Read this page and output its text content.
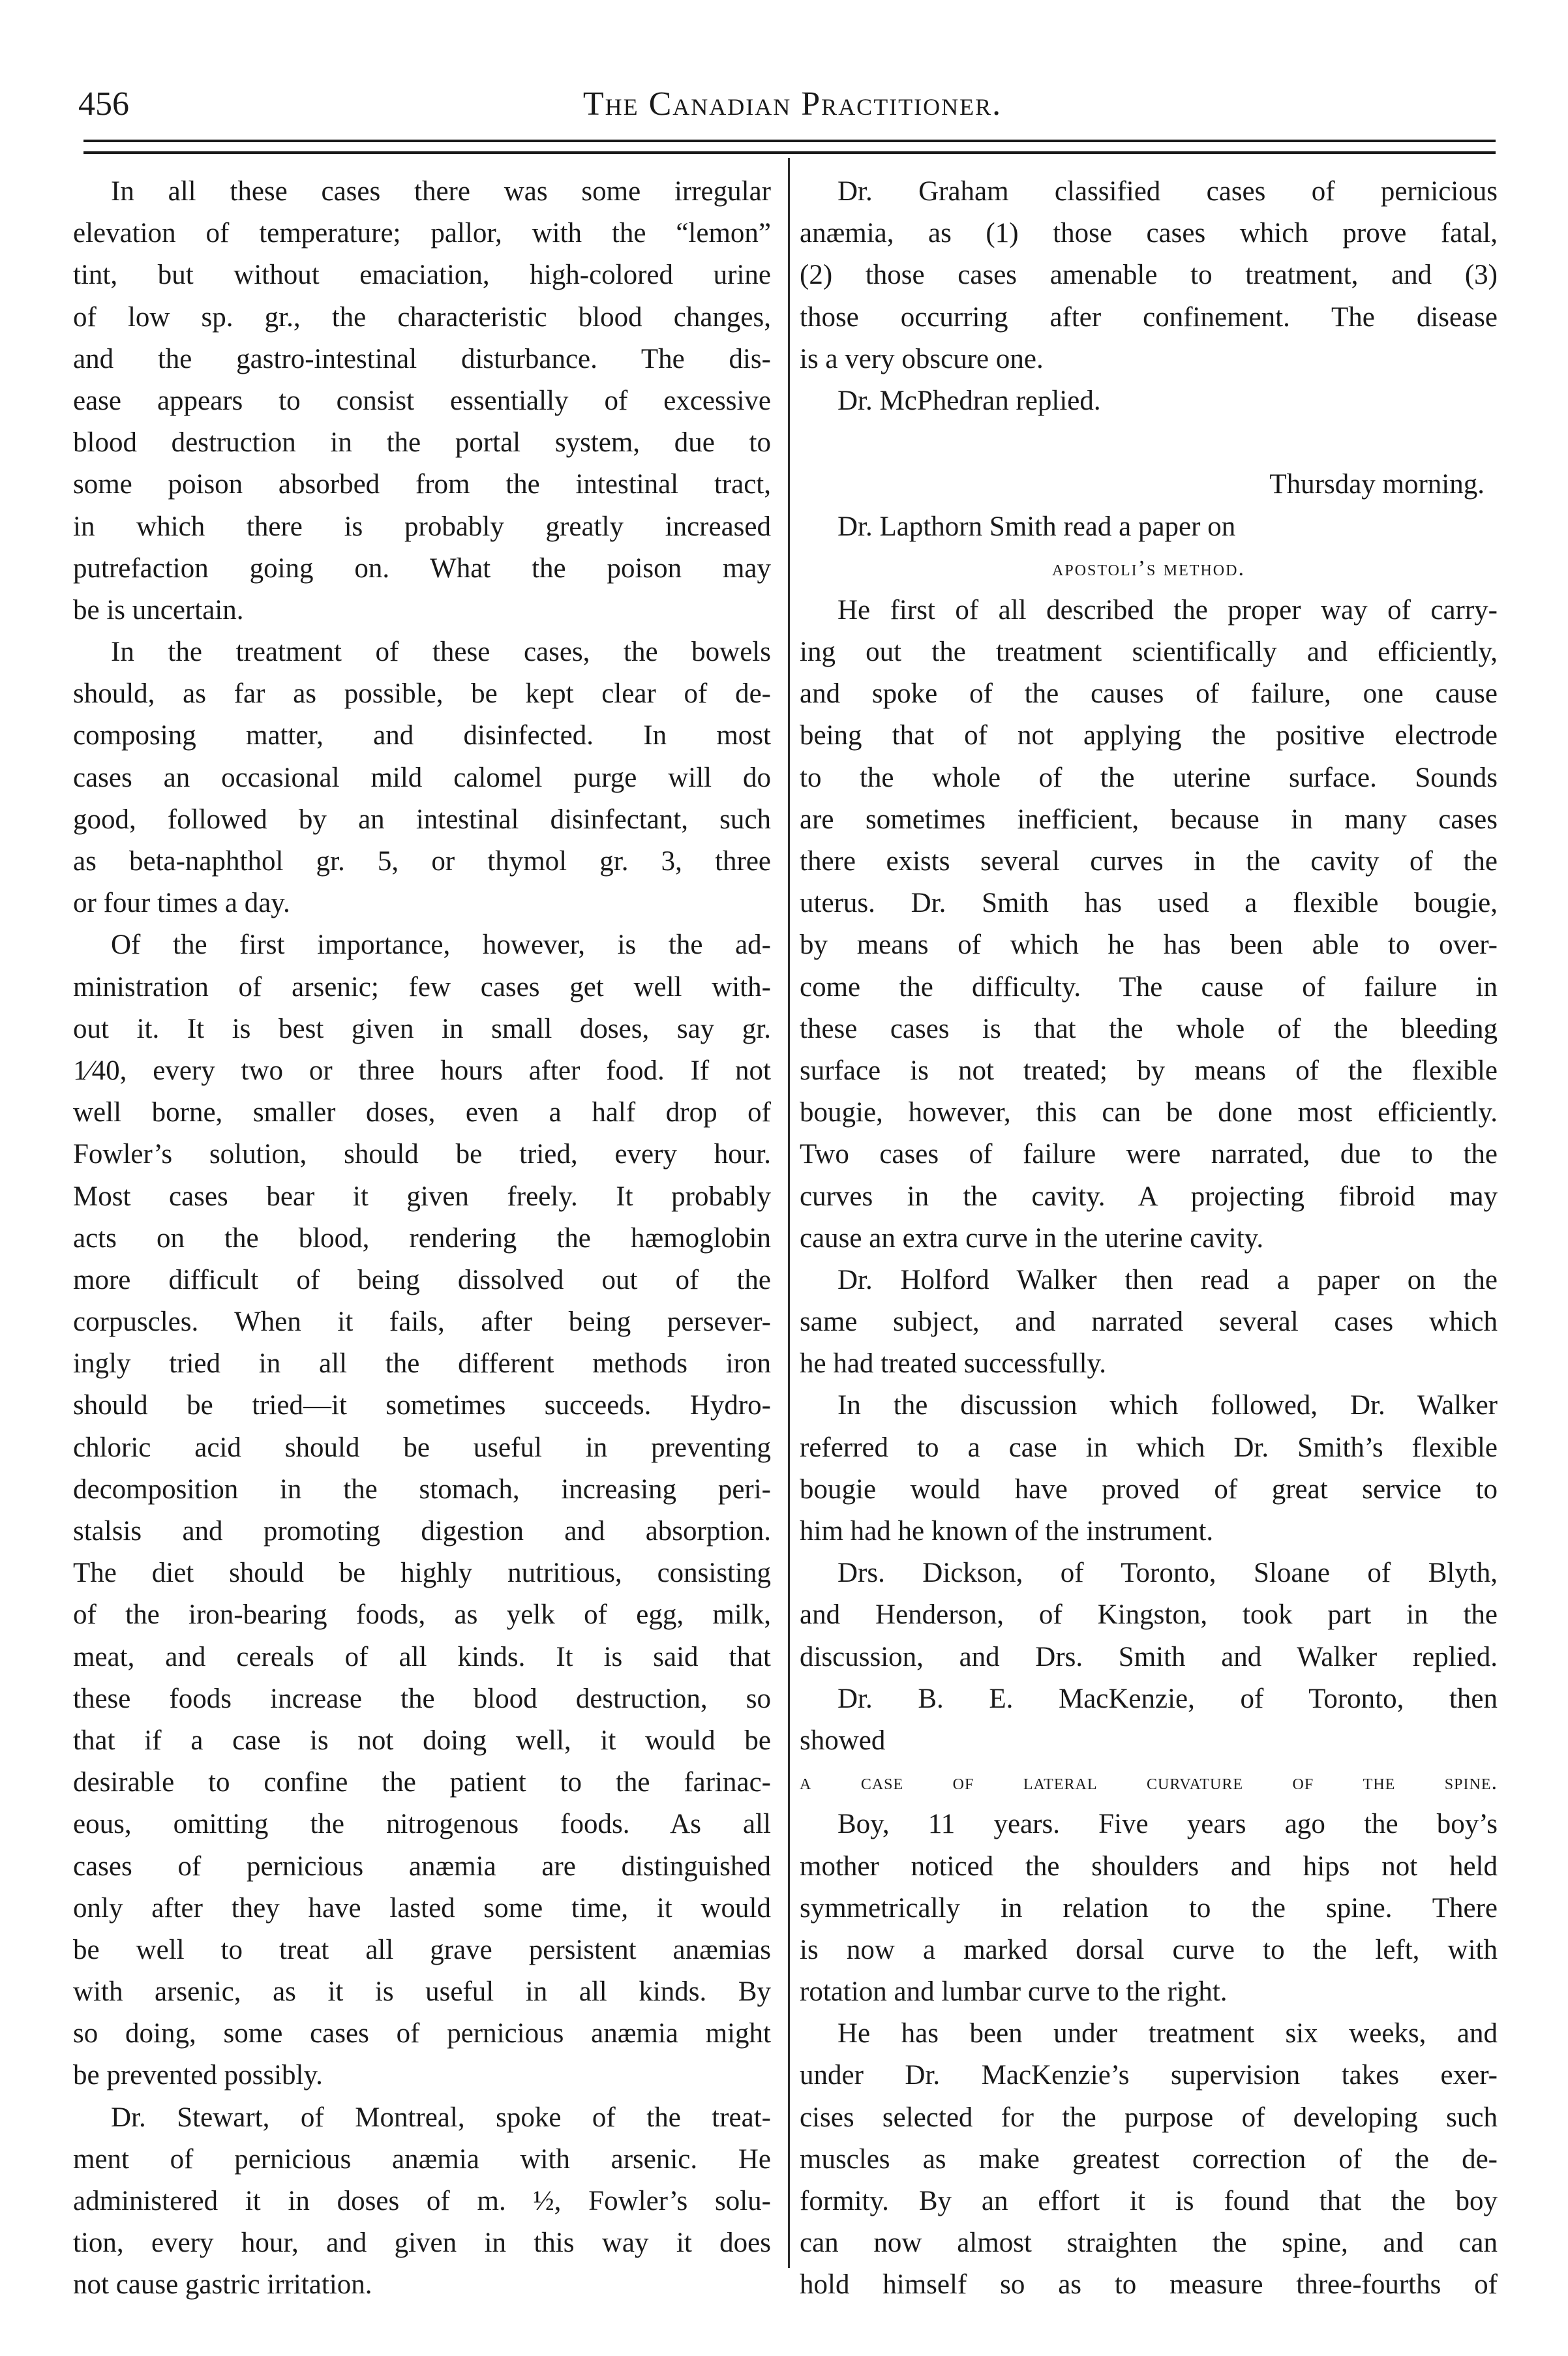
456	The Canadian Practitioner.
In all these cases there was some irregular
elevation of temperature; pallor, with the “lemon”
tint, but without emaciation, high-colored urine
of low sp. gr., the characteristic blood changes,
and the gastro-intestinal disturbance. The dis-
ease appears to consist essentially of excessive
blood destruction in the portal system, due to
some poison absorbed from the intestinal tract,
in which there is probably greatly increased
putrefaction going on. What the poison may
be is uncertain.
In the treatment of these cases, the bowels
should, as far as possible, be kept clear of de-
composing matter, and disinfected. In most
cases an occasional mild calomel purge will do
good, followed by an intestinal disinfectant, such
as beta-naphthol gr. 5, or thymol gr. 3, three
or four times a day.
Of the first importance, however, is the ad-
ministration of arsenic; few cases get well with-
out it. It is best given in small doses, say gr.
1⁄40, every two or three hours after food. If not
well borne, smaller doses, even a half drop of
Fowler’s solution, should be tried, every hour.
Most cases bear it given freely. It probably
acts on the blood, rendering the hæmoglobin
more difficult of being dissolved out of the
corpuscles. When it fails, after being persever-
ingly tried in all the different methods iron
should be tried—it sometimes succeeds. Hydro-
chloric acid should be useful in preventing
decomposition in the stomach, increasing peri-
stalsis and promoting digestion and absorption.
The diet should be highly nutritious, consisting
of the iron-bearing foods, as yelk of egg, milk,
meat, and cereals of all kinds. It is said that
these foods increase the blood destruction, so
that if a case is not doing well, it would be
desirable to confine the patient to the farinac-
eous, omitting the nitrogenous foods. As all
cases of pernicious anæmia are distinguished
only after they have lasted some time, it would
be well to treat all grave persistent anæmias
with arsenic, as it is useful in all kinds. By
so doing, some cases of pernicious anæmia might
be prevented possibly.
Dr. Stewart, of Montreal, spoke of the treat-
ment of pernicious anæmia with arsenic. He
administered it in doses of m. ½, Fowler’s solu-
tion, every hour, and given in this way it does
not cause gastric irritation.
Dr. Graham classified cases of pernicious
anæmia, as (1) those cases which prove fatal,
(2) those cases amenable to treatment, and (3)
those occurring after confinement. The disease
is a very obscure one.
Dr. McPhedran replied.

Thursday morning.
Dr. Lapthorn Smith read a paper on
apostoli’s method.
He first of all described the proper way of carry-
ing out the treatment scientifically and efficiently,
and spoke of the causes of failure, one cause
being that of not applying the positive electrode
to the whole of the uterine surface. Sounds
are sometimes inefficient, because in many cases
there exists several curves in the cavity of the
uterus. Dr. Smith has used a flexible bougie,
by means of which he has been able to over-
come the difficulty. The cause of failure in
these cases is that the whole of the bleeding
surface is not treated; by means of the flexible
bougie, however, this can be done most efficiently.
Two cases of failure were narrated, due to the
curves in the cavity. A projecting fibroid may
cause an extra curve in the uterine cavity.
Dr. Holford Walker then read a paper on the
same subject, and narrated several cases which
he had treated successfully.
In the discussion which followed, Dr. Walker
referred to a case in which Dr. Smith’s flexible
bougie would have proved of great service to
him had he known of the instrument.
Drs. Dickson, of Toronto, Sloane of Blyth,
and Henderson, of Kingston, took part in the
discussion, and Drs. Smith and Walker replied.
Dr. B. E. MacKenzie, of Toronto, then
showed
a case of lateral curvature of the spine.
Boy, 11 years. Five years ago the boy’s
mother noticed the shoulders and hips not held
symmetrically in relation to the spine. There
is now a marked dorsal curve to the left, with
rotation and lumbar curve to the right.
He has been under treatment six weeks, and
under Dr. MacKenzie’s supervision takes exer-
cises selected for the purpose of developing such
muscles as make greatest correction of the de-
formity. By an effort it is found that the boy
can now almost straighten the spine, and can
hold himself so as to measure three-fourths of
